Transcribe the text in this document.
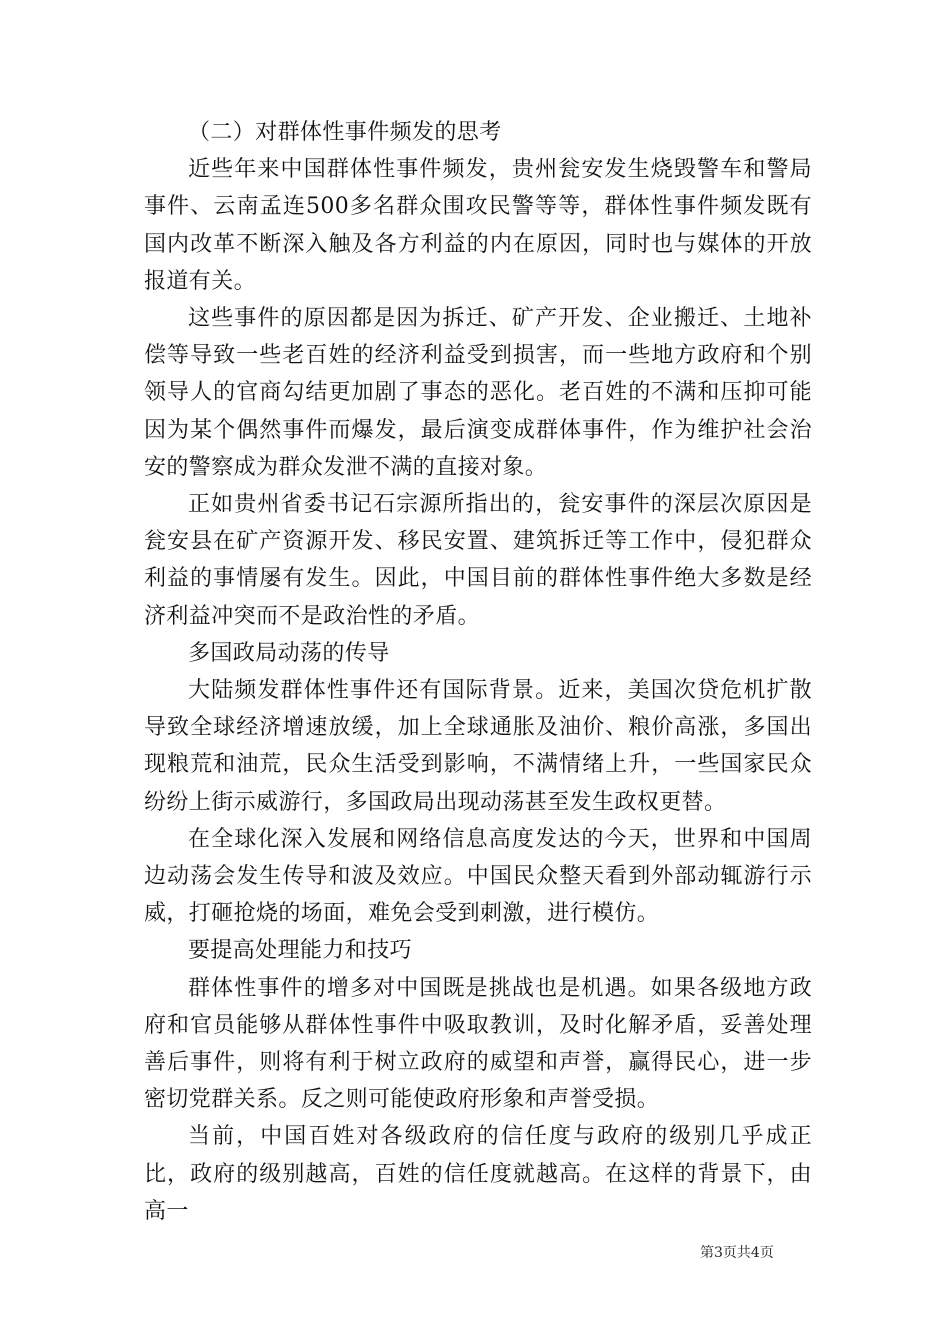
（二）对群体性事件频发的思考

近些年来中国群体性事件频发，贵州瓮安发生烧毁警车和警局事件、云南孟连500多名群众围攻民警等等，群体性事件频发既有国内改革不断深入触及各方利益的内在原因，同时也与媒体的开放报道有关。

这些事件的原因都是因为拆迁、矿产开发、企业搬迁、土地补偿等导致一些老百姓的经济利益受到损害，而一些地方政府和个别领导人的官商勾结更加剧了事态的恶化。老百姓的不满和压抑可能因为某个偶然事件而爆发，最后演变成群体事件，作为维护社会治安的警察成为群众发泄不满的直接对象。

正如贵州省委书记石宗源所指出的，瓮安事件的深层次原因是瓮安县在矿产资源开发、移民安置、建筑拆迁等工作中，侵犯群众利益的事情屡有发生。因此，中国目前的群体性事件绝大多数是经济利益冲突而不是政治性的矛盾。

多国政局动荡的传导

大陆频发群体性事件还有国际背景。近来，美国次贷危机扩散导致全球经济增速放缓，加上全球通胀及油价、粮价高涨，多国出现粮荒和油荒，民众生活受到影响，不满情绪上升，一些国家民众纷纷上街示威游行，多国政局出现动荡甚至发生政权更替。

在全球化深入发展和网络信息高度发达的今天，世界和中国周边动荡会发生传导和波及效应。中国民众整天看到外部动辄游行示威，打砸抢烧的场面，难免会受到刺激，进行模仿。

要提高处理能力和技巧

群体性事件的增多对中国既是挑战也是机遇。如果各级地方政府和官员能够从群体性事件中吸取教训，及时化解矛盾，妥善处理善后事件，则将有利于树立政府的威望和声誉，赢得民心，进一步密切党群关系。反之则可能使政府形象和声誉受损。

当前，中国百姓对各级政府的信任度与政府的级别几乎成正比，政府的级别越高，百姓的信任度就越高。在这样的背景下，由高一

第3页共4页
